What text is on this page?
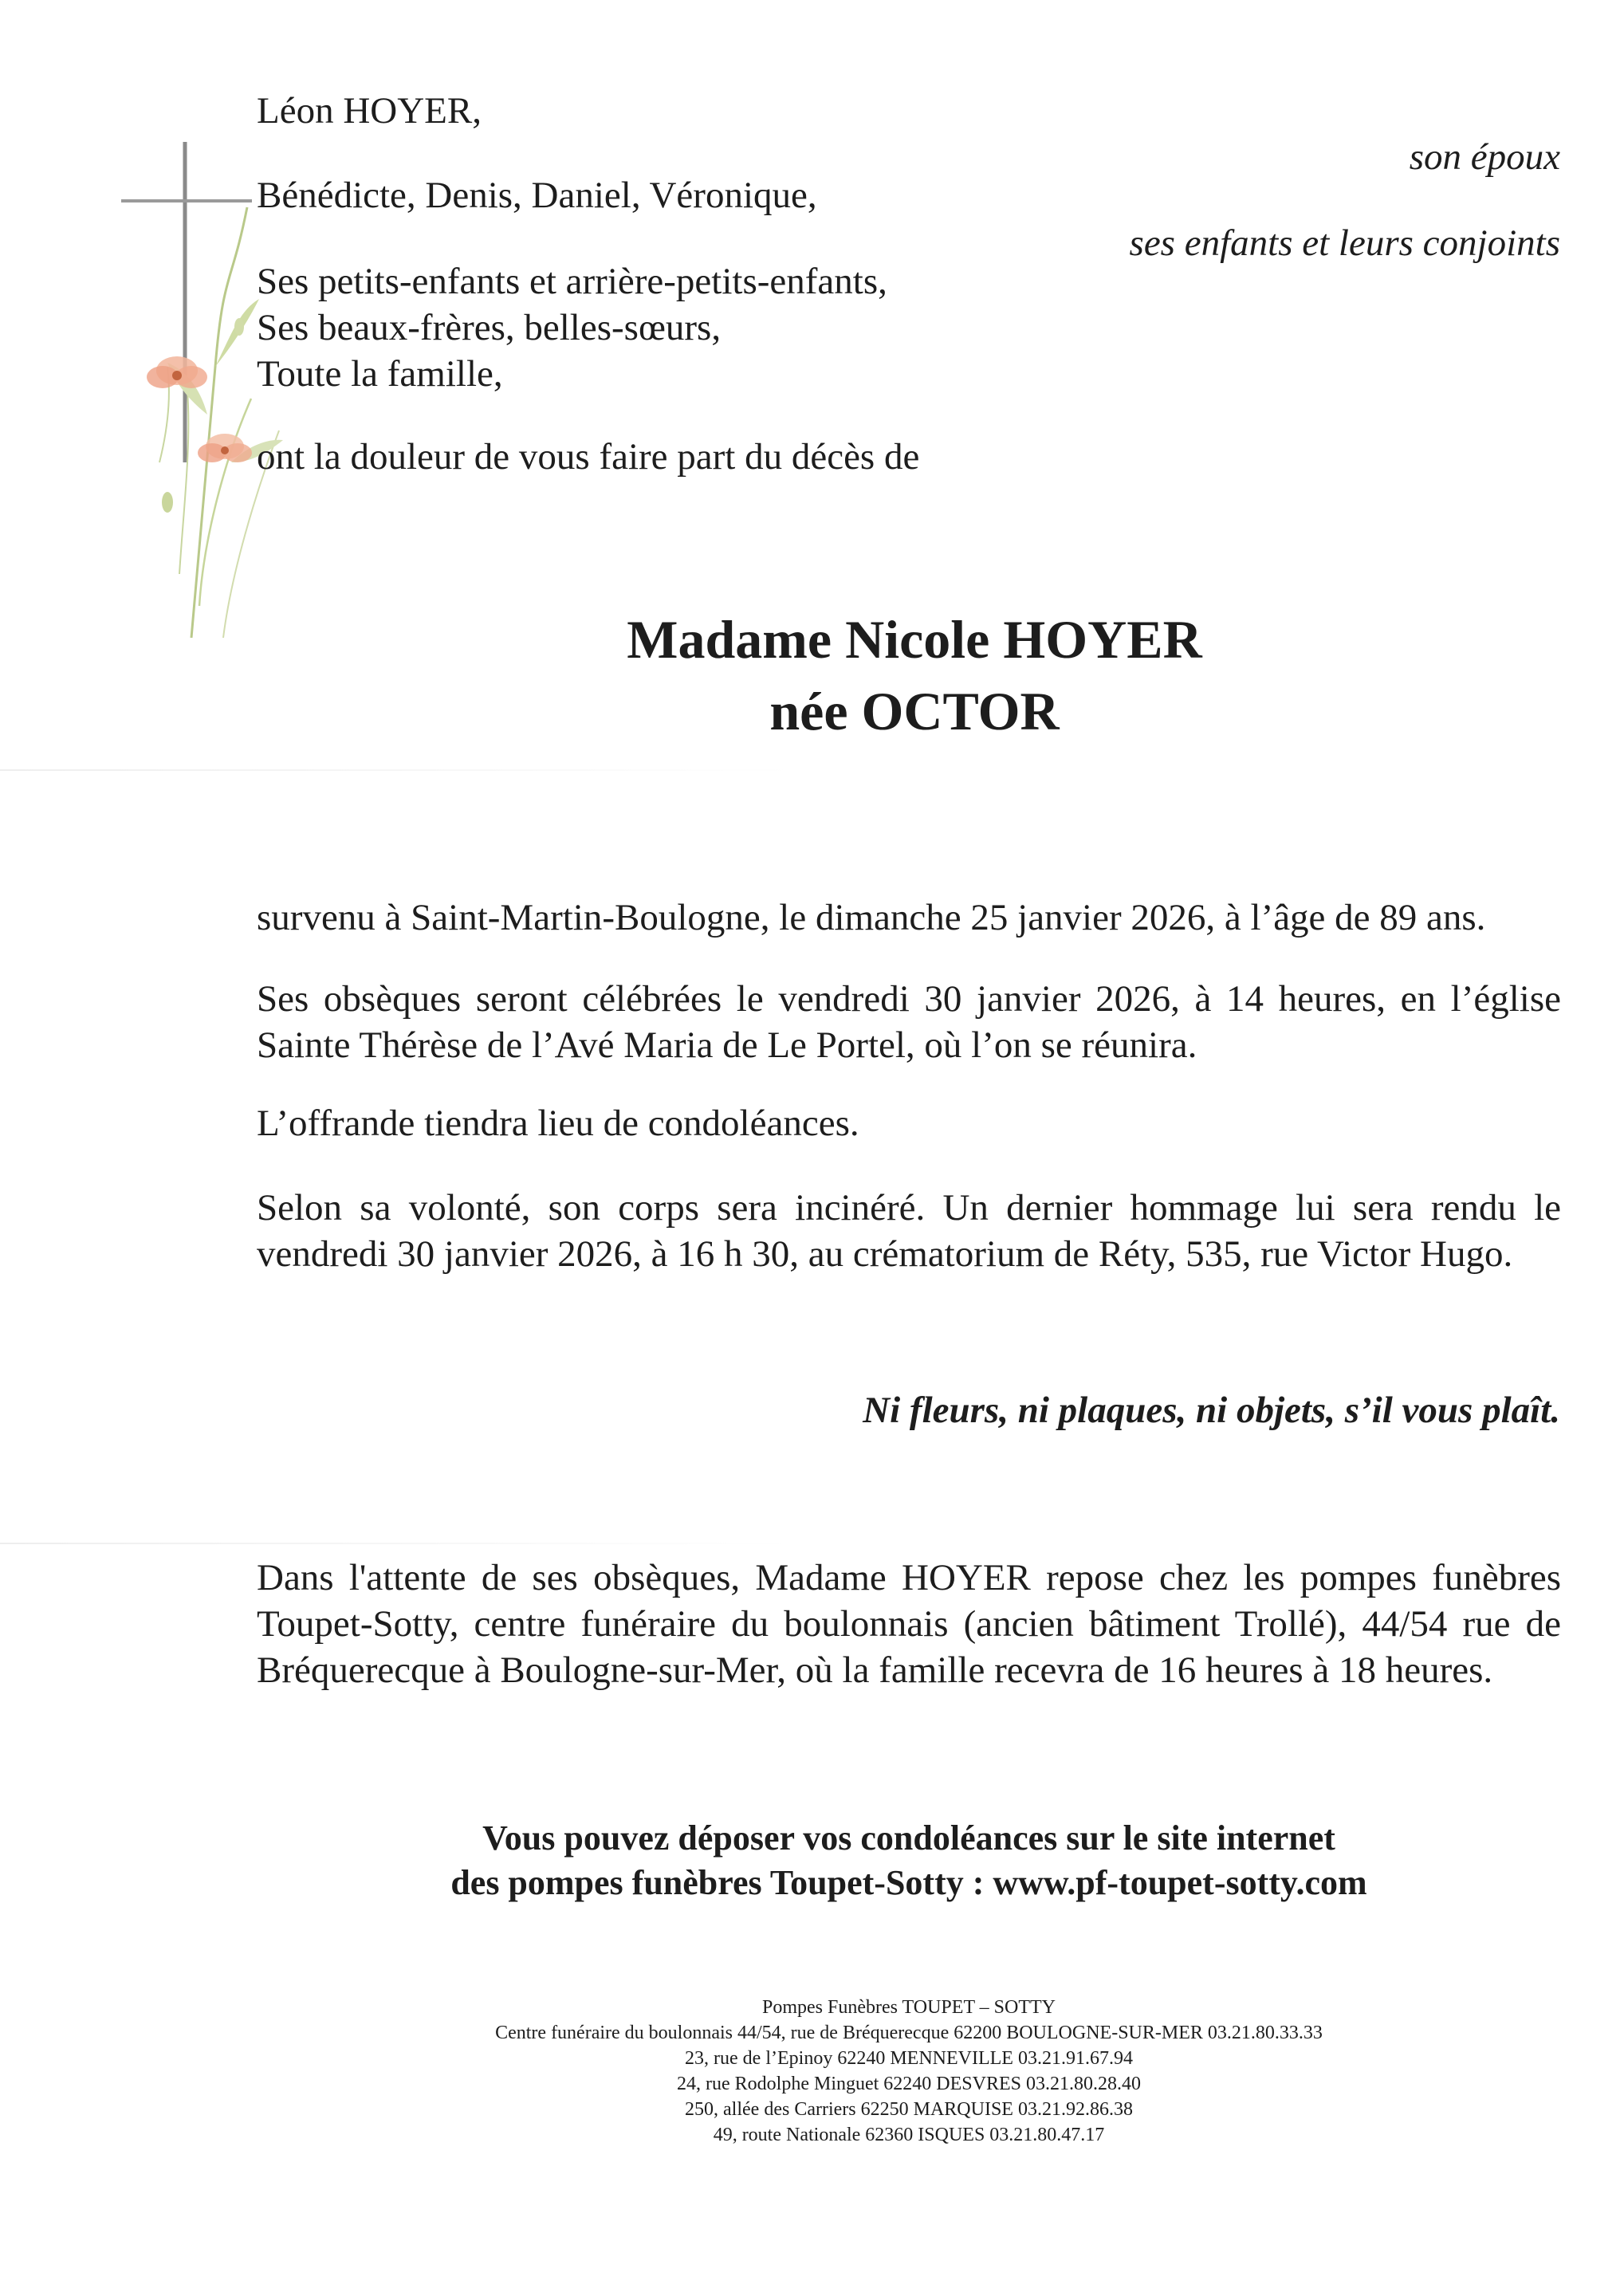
Léon HOYER,
Bénédicte, Denis, Daniel, Véronique,
Ses petits-enfants et arrière-petits-enfants,
Ses beaux-frères, belles-sœurs,
Toute la famille,
son époux
ses enfants et leurs conjoints
ont la douleur de vous faire part du décès de
Madame Nicole HOYER
née OCTOR
survenu à Saint-Martin-Boulogne, le dimanche 25 janvier 2026, à l’âge de 89 ans.
Ses obsèques seront célébrées le vendredi 30 janvier 2026, à 14 heures, en l’église
Sainte Thérèse de l’Avé Maria de Le Portel, où l’on se réunira.
L’offrande tiendra lieu de condoléances.
Selon sa volonté, son corps sera incinéré. Un dernier hommage lui sera rendu le
vendredi 30 janvier 2026, à 16 h 30, au crématorium de Réty, 535, rue Victor Hugo.
Ni fleurs, ni plaques, ni objets, s’il vous plaît.
Dans l'attente de ses obsèques, Madame HOYER repose chez les pompes funèbres
Toupet-Sotty, centre funéraire du boulonnais (ancien bâtiment Trollé), 44/54 rue de
Bréquerecque à Boulogne-sur-Mer, où la famille recevra de 16 heures à 18 heures.
Vous pouvez déposer vos condoléances sur le site internet
des pompes funèbres Toupet-Sotty : www.pf-toupet-sotty.com
Pompes Funèbres TOUPET – SOTTY
Centre funéraire du boulonnais 44/54, rue de Bréquerecque 62200 BOULOGNE-SUR-MER 03.21.80.33.33
23, rue de l’Epinoy 62240 MENNEVILLE 03.21.91.67.94
24, rue Rodolphe Minguet 62240 DESVRES 03.21.80.28.40
250, allée des Carriers 62250 MARQUISE 03.21.92.86.38
49, route Nationale 62360 ISQUES 03.21.80.47.17
